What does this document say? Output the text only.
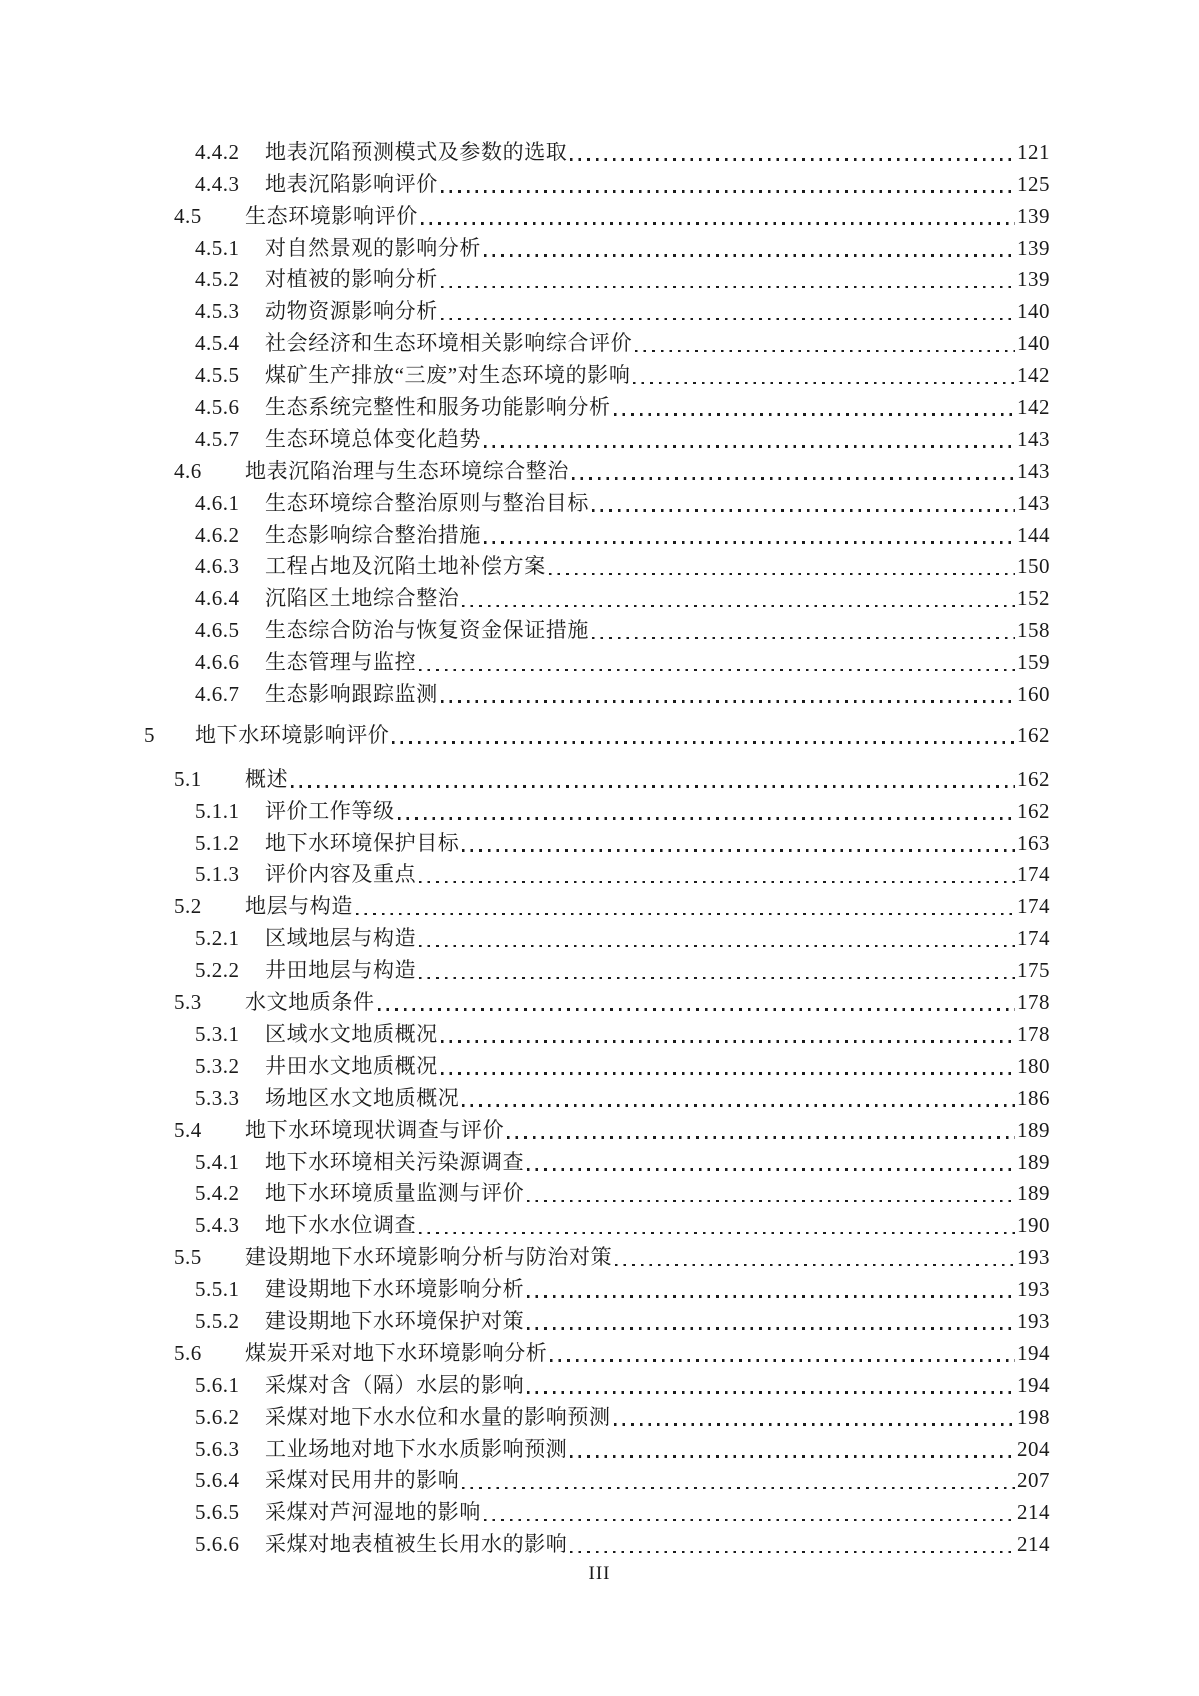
4.4.2	地表沉陷预测模式及参数的选取	121
4.4.3	地表沉陷影响评价	125
4.5	生态环境影响评价	139
4.5.1	对自然景观的影响分析	139
4.5.2	对植被的影响分析	139
4.5.3	动物资源影响分析	140
4.5.4	社会经济和生态环境相关影响综合评价	140
4.5.5	煤矿生产排放“三废”对生态环境的影响	142
4.5.6	生态系统完整性和服务功能影响分析	142
4.5.7	生态环境总体变化趋势	143
4.6	地表沉陷治理与生态环境综合整治	143
4.6.1	生态环境综合整治原则与整治目标	143
4.6.2	生态影响综合整治措施	144
4.6.3	工程占地及沉陷土地补偿方案	150
4.6.4	沉陷区土地综合整治	152
4.6.5	生态综合防治与恢复资金保证措施	158
4.6.6	生态管理与监控	159
4.6.7	生态影响跟踪监测	160
5	地下水环境影响评价	162
5.1	概述	162
5.1.1	评价工作等级	162
5.1.2	地下水环境保护目标	163
5.1.3	评价内容及重点	174
5.2	地层与构造	174
5.2.1	区域地层与构造	174
5.2.2	井田地层与构造	175
5.3	水文地质条件	178
5.3.1	区域水文地质概况	178
5.3.2	井田水文地质概况	180
5.3.3	场地区水文地质概况	186
5.4	地下水环境现状调查与评价	189
5.4.1	地下水环境相关污染源调查	189
5.4.2	地下水环境质量监测与评价	189
5.4.3	地下水水位调查	190
5.5	建设期地下水环境影响分析与防治对策	193
5.5.1	建设期地下水环境影响分析	193
5.5.2	建设期地下水环境保护对策	193
5.6	煤炭开采对地下水环境影响分析	194
5.6.1	采煤对含（隔）水层的影响	194
5.6.2	采煤对地下水水位和水量的影响预测	198
5.6.3	工业场地对地下水水质影响预测	204
5.6.4	采煤对民用井的影响	207
5.6.5	采煤对芦河湿地的影响	214
5.6.6	采煤对地表植被生长用水的影响	214
III
